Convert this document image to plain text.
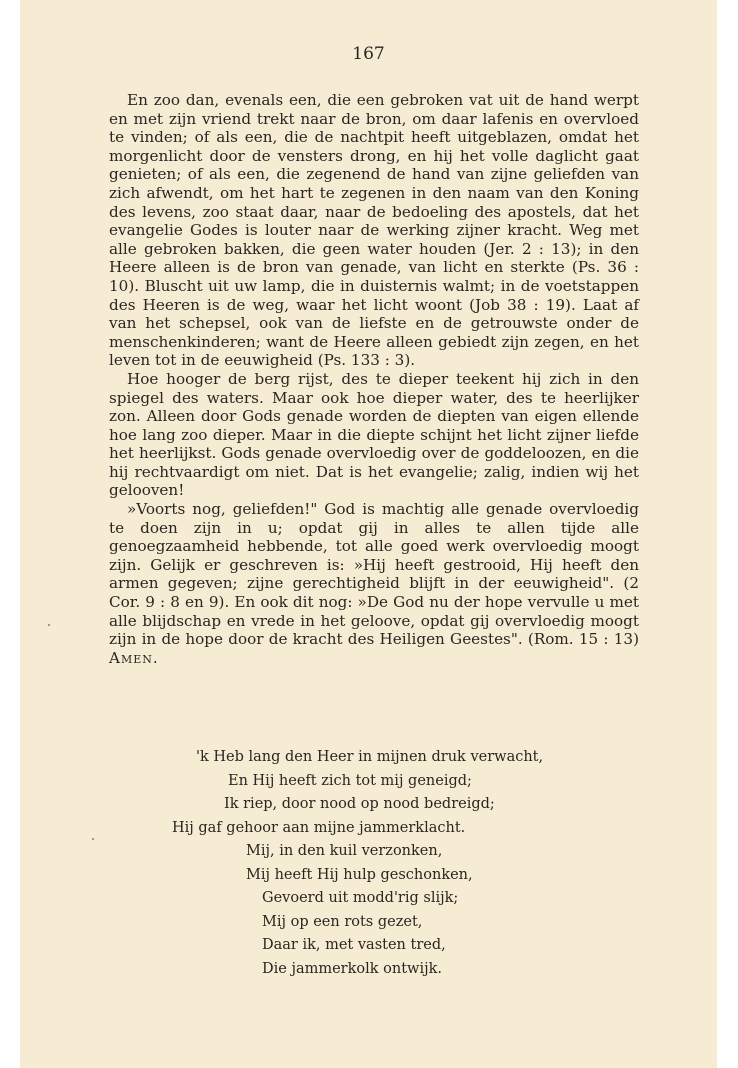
167

En zoo dan, evenals een, die een gebroken vat uit de hand werpt en met zijn vriend trekt naar de bron, om daar lafenis en overvloed te vinden; of als een, die de nachtpit heeft uitgeblazen, omdat het morgenlicht door de vensters drong, en hij het volle daglicht gaat genieten; of als een, die zegenend de hand van zijne geliefden van zich afwendt, om het hart te zegenen in den naam van den Koning des levens, zoo staat daar, naar de bedoeling des apostels, dat het evangelie Godes is louter naar de werking zijner kracht. Weg met alle gebroken bakken, die geen water houden (Jer. 2 : 13); in den Heere alleen is de bron van genade, van licht en sterkte (Ps. 36 : 10). Bluscht uit uw lamp, die in duisternis walmt; in de voetstappen des Heeren is de weg, waar het licht woont (Job 38 : 19). Laat af van het schepsel, ook van de liefste en de getrouwste onder de menschenkinderen; want de Heere alleen gebiedt zijn zegen, en het leven tot in de eeuwigheid (Ps. 133 : 3).

Hoe hooger de berg rijst, des te dieper teekent hij zich in den spiegel des waters. Maar ook hoe dieper water, des te heerlijker zon. Alleen door Gods genade worden de diepten van eigen ellende hoe lang zoo dieper. Maar in die diepte schijnt het licht zijner liefde het heerlijkst. Gods genade overvloedig over de goddeloozen, en die hij rechtvaardigt om niet. Dat is het evangelie; zalig, indien wij het gelooven!

»Voorts nog, geliefden!" God is machtig alle genade overvloedig te doen zijn in u; opdat gij in alles te allen tijde alle genoegzaamheid hebbende, tot alle goed werk overvloedig moogt zijn. Gelijk er geschreven is: »Hij heeft gestrooid, Hij heeft den armen gegeven; zijne gerechtigheid blijft in der eeuwigheid". (2 Cor. 9 : 8 en 9). En ook dit nog: »De God nu der hope vervulle u met alle blijdschap en vrede in het geloove, opdat gij overvloedig moogt zijn in de hope door de kracht des Heiligen Geestes". (Rom. 15 : 13) Amen.

'k Heb lang den Heer in mijnen druk verwacht,
En Hij heeft zich tot mij geneigd;
Ik riep, door nood op nood bedreigd;
Hij gaf gehoor aan mijne jammerklacht.
Mij, in den kuil verzonken,
Mij heeft Hij hulp geschonken,
Gevoerd uit modd'rig slijk;
Mij op een rots gezet,
Daar ik, met vasten tred,
Die jammerkolk ontwijk.
